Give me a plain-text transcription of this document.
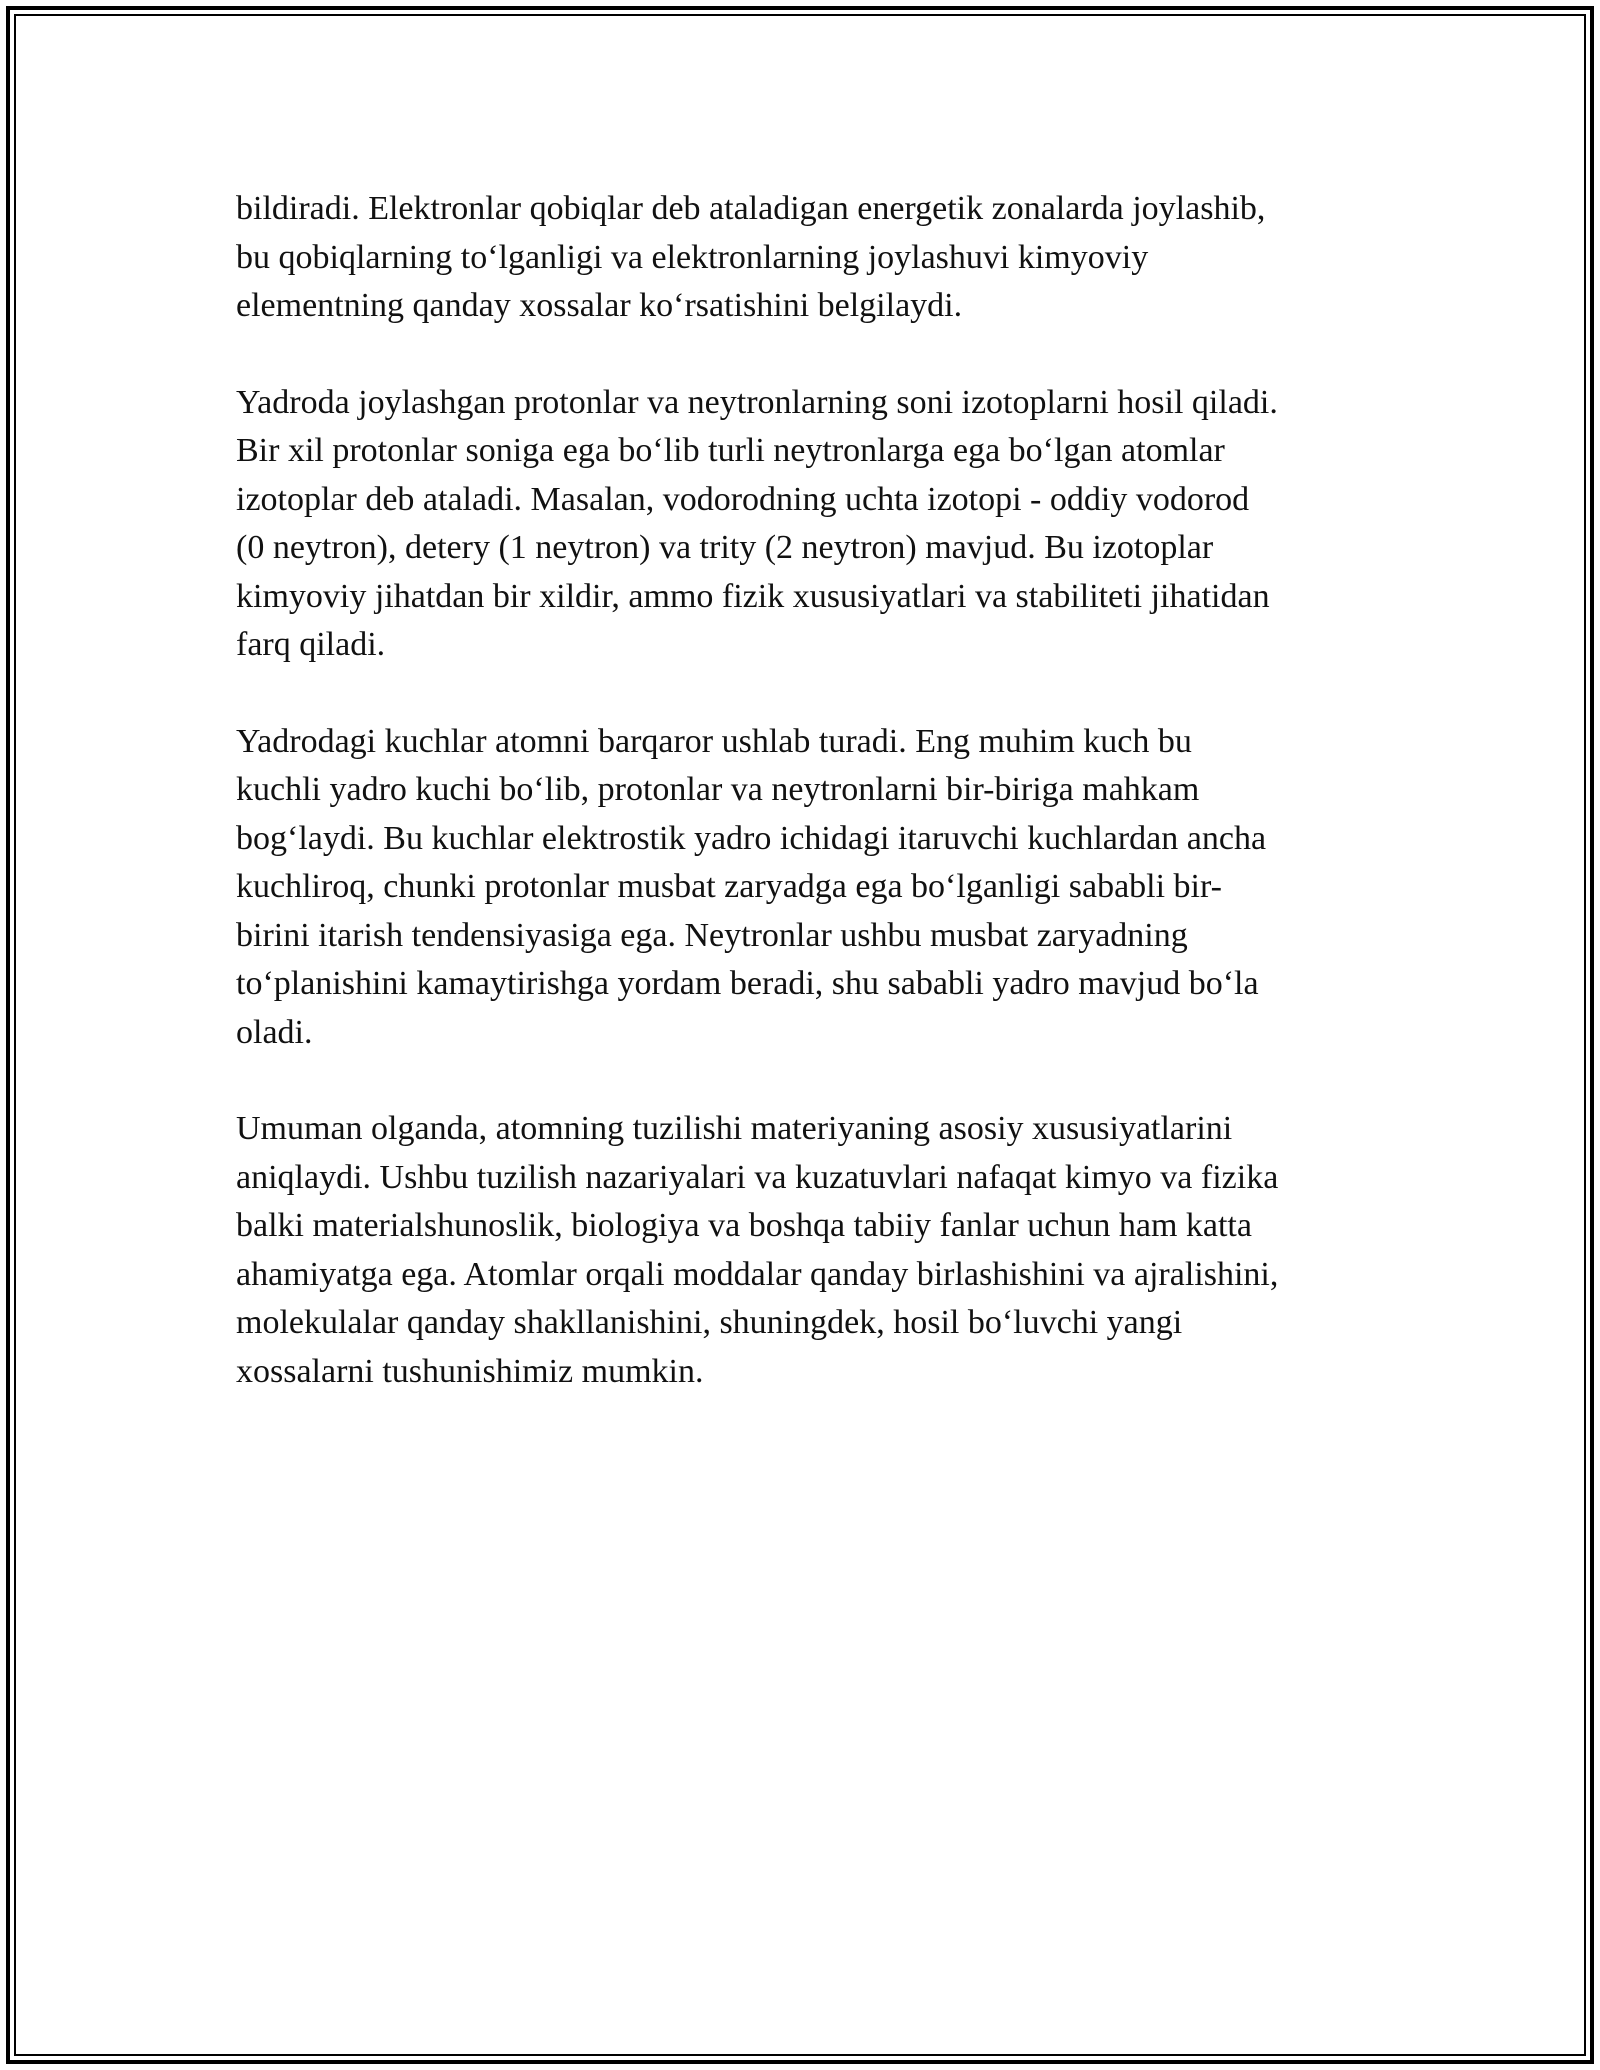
bildiradi. Elektronlar qobiqlar deb ataladigan energetik zonalarda joylashib,
bu qobiqlarning to‘lganligi va elektronlarning joylashuvi kimyoviy
elementning qanday xossalar ko‘rsatishini belgilaydi.

Yadroda joylashgan protonlar va neytronlarning soni izotoplarni hosil qiladi.
Bir xil protonlar soniga ega bo‘lib turli neytronlarga ega bo‘lgan atomlar
izotoplar deb ataladi. Masalan, vodorodning uchta izotopi - oddiy vodorod
(0 neytron), detery (1 neytron) va trity (2 neytron) mavjud. Bu izotoplar
kimyoviy jihatdan bir xildir, ammo fizik xususiyatlari va stabiliteti jihatidan
farq qiladi.

Yadrodagi kuchlar atomni barqaror ushlab turadi. Eng muhim kuch bu
kuchli yadro kuchi bo‘lib, protonlar va neytronlarni bir-biriga mahkam
bog‘laydi. Bu kuchlar elektrostik yadro ichidagi itaruvchi kuchlardan ancha
kuchliroq, chunki protonlar musbat zaryadga ega bo‘lganligi sababli bir-
birini itarish tendensiyasiga ega. Neytronlar ushbu musbat zaryadning
to‘planishini kamaytirishga yordam beradi, shu sababli yadro mavjud bo‘la
oladi.

Umuman olganda, atomning tuzilishi materiyaning asosiy xususiyatlarini
aniqlaydi. Ushbu tuzilish nazariyalari va kuzatuvlari nafaqat kimyo va fizika
balki materialshunoslik, biologiya va boshqa tabiiy fanlar uchun ham katta
ahamiyatga ega. Atomlar orqali moddalar qanday birlashishini va ajralishini,
molekulalar qanday shakllanishini, shuningdek, hosil bo‘luvchi yangi
xossalarni tushunishimiz mumkin.
